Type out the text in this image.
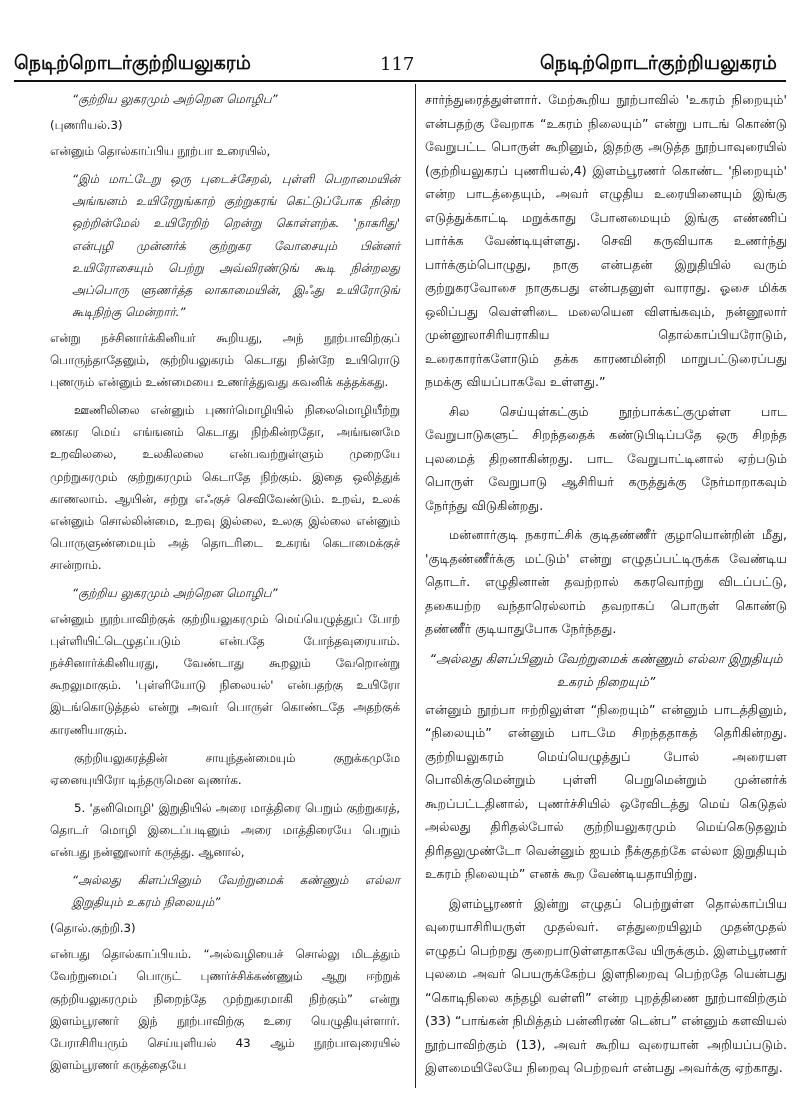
நெடிற்றொடர்குற்றியலுகரம்	117	நெடிற்றொடர்குற்றியலுகரம்

“குற்றிய லுகரமும் அற்றென மொழிப”

(புணரியல்.3)

என்னும் தொல்காப்பிய நூற்பா உரையில்,

“இம் மாட்டேறு ஒரு புடைச்சேறல், புள்ளி பெறாமையின் அங்ஙனம் உயிரேறுங்காற் குற்றுகரங் கெட்டுப்போக நின்ற ஒற்றின்மேல் உயிரேறிற் றென்று கொள்ளற்க. 'நாகரிது' என்புழி முன்னர்க் குற்றுகர வோசையும் பின்னர் உயிரோசையும் பெற்று அவ்விரண்டுங் கூடி நின்றலது அப்பொரு ளுணர்த்த லாகாமையின், இஃது உயிரோடுங் கூடிநிற்கு மென்றார்.”

என்று நச்சினார்க்கினியர் கூறியது, அந் நூற்பாவிற்குப் பொருந்தாதேனும், குற்றியலுகரம் கெடாது நின்றே உயிரொடு புணரும் என்னும் உண்மையை உணர்த்துவது கவனிக் கத்தக்கது.

ஊணிலிலை என்னும் புணர்மொழியில் நிலைமொழியீற்று ணகர மெய் எங்ஙனம் கெடாது நிற்கின்றதோ, அங்ஙனமே உறவிலலை, உலகிலலை என்பவற்றுள்ளும் முறையே முற்றுகரமும் குற்றுகரமும் கெடாதே நிற்கும். இதை ஒலித்துக் காணலாம். ஆயின், சற்று எஃகுச் செவிவேண்டும். உறவ், உலக் என்னும் சொல்லின்மை, உறவு இல்லை, உலகு இல்லை என்னும் பொருளுண்மையும் அத் தொடரிடை உகரங் கெடாமைக்குச் சான்றாம்.

“குற்றிய லுகரமும் அற்றென மொழிப”

என்னும் நூற்பாவிற்குக் குற்றியலுகரமும் மெய்யெழுத்துப் போற் புள்ளியிட்டெழுதப்படும் என்பதே போந்தவுரையாம். நச்சினார்க்கினியரது, வேண்டாது கூறலும் வேறொன்று கூறலுமாகும். 'புள்ளியோடு நிலையல்' என்பதற்கு உயிரோ இடங்கொடுத்தல் என்று அவர் பொருள் கொண்டதே அதற்குக் காரணியாகும்.

குற்றியலுகரத்தின் சாயுந்தன்மையும் குறுக்கமுமே ஏனையுயிரோ டிந்தருமென வுணர்க.

5. 'தனிமொழி' இறுதியில் அரை மாத்திரை பெறும் குற்றுகரத், தொடர் மொழி இடைப்படினும் அரை மாத்திரையே பெறும் என்பது நன்னூலார் கருத்து. ஆனால்,

“அல்லது கிளப்பினும் வேற்றுமைக் கண்ணும் எல்லா இறுதியும் உகரம் நிலையும்”

(தொல்.குற்றி.3)

என்பது தொல்காப்பியம். “அல்வழியைச் சொல்லு மிடத்தும் வேற்றுமைப் பொருட் புணர்ச்சிக்கண்ணும் ஆறு ஈற்றுக் குற்றியலுகரமும் நிறைந்தே முற்றுகரமாகி நிற்கும்” என்று இளம்பூரணர் இந் நூற்பாவிற்கு உரை யெழுதியுள்ளார். பேராசிரியரும் செய்யுளியல் 43 ஆம் நூற்பாவுரையில் இளம்பூரணர் கருத்தையே

சார்ந்துரைத்துள்ளார். மேற்கூறிய நூற்பாவில் 'உகரம் நிறையும்' என்பதற்கு வேறாக “உகரம் நிலையும்” என்று பாடங் கொண்டு வேறுபட்ட பொருள் கூறினும், இதற்கு அடுத்த நூற்பாவுரையில் (குற்றியலுகரப் புணரியல்,4) இளம்பூரணர் கொண்ட 'நிறையும்' என்ற பாடத்தையும், அவர் எழுதிய உரையினையும் இங்கு எடுத்துக்காட்டி மறுக்காது போனமையும் இங்கு எண்ணிப் பார்க்க வேண்டியுள்ளது. செவி கருவியாக உணர்ந்து பார்க்கும்பொழுது, நாகு என்பதன் இறுதியில் வரும் குற்றுகரவோசை நாகுகபது என்பதனுள் வாராது. ஓசை மிக்க ஒலிப்பது வெள்ளிடை மலையென விளங்கவும், நன்னூலார் முன்னூலாசிரியராகிய தொல்காப்பியரோடும், உரைகாரர்களோடும் தக்க காரணமின்றி மாறுபட்டுரைப்பது நமக்கு வியப்பாகவே உள்ளது.”

சில செய்யுள்கட்கும் நூற்பாக்கட்குமுள்ள பாட வேறுபாடுகளுட் சிறந்ததைக் கண்டுபிடிப்பதே ஒரு சிறந்த புலமைத் திறனாகின்றது. பாட வேறுபாட்டினால் ஏற்படும் பொருள் வேறுபாடு ஆசிரியர் கருத்துக்கு நேர்மாறாகவும் நேர்ந்து விடுகின்றது.

மன்னார்குடி நகராட்சிக் குடிதண்ணீர் குழாயொன்றின் மீது, 'குடிதண்ணீர்க்கு மட்டும்' என்று எழுதப்பட்டிருக்க வேண்டிய தொடர். எழுதினான் தவற்றால் ககரவொற்று விடப்பட்டு, தகையற்ற வந்தாரெல்லாம் தவறாகப் பொருள் கொண்டு தண்ணீர் குடியாதுபோக நேர்ந்தது.

“அல்லது கிளப்பினும் வேற்றுமைக் கண்ணும் எல்லா இறுதியும் உகரம் நிறையும்”

என்னும் நூற்பா ஈற்றிலுள்ள “நிறையும்” என்னும் பாடத்தினும், “நிலையும்” என்னும் பாடமே சிறந்ததாகத் தெரிகின்றது. குற்றியலுகரம் மெய்யெழுத்துப் போல் அரையள பொலிக்குமென்றும் புள்ளி பெறுமென்றும் முன்னர்க் கூறப்பட்டதினால், புணர்ச்சியில் ஒரேவிடத்து மெய் கெடுதல் அல்லது திரிதல்போல் குற்றியலுகரமும் மெய்கெடுதலும் திரிதலுமுண்டோ வென்னும் ஐயம் நீக்குதற்கே எல்லா இறுதியும் உகரம் நிலையும்” எனக் கூற வேண்டியதாயிற்று.

இளம்பூரணர் இன்று எழுதப் பெற்றுள்ள தொல்காப்பிய வுரையாசிரியருள் முதல்வர். எத்துறையிலும் முதன்முதல் எழுதப் பெற்றது குறைபாடுள்ளதாகவே யிருக்கும். இளம்பூரணர் புலமை அவர் பெயருக்கேற்ப இளநிறைவு பெற்றதே யென்பது “கொடிநிலை கந்தழி வள்ளி” என்ற புறத்திணை நூற்பாவிற்கும் (33) “பாங்கன் நிமித்தம் பன்னிரண் டென்ப” என்னும் களவியல் நூற்பாவிற்கும் (13), அவர் கூறிய வுரையான் அறியப்படும். இளமையிலேயே நிறைவு பெற்றவர் என்பது அவர்க்கு ஏற்காது.
